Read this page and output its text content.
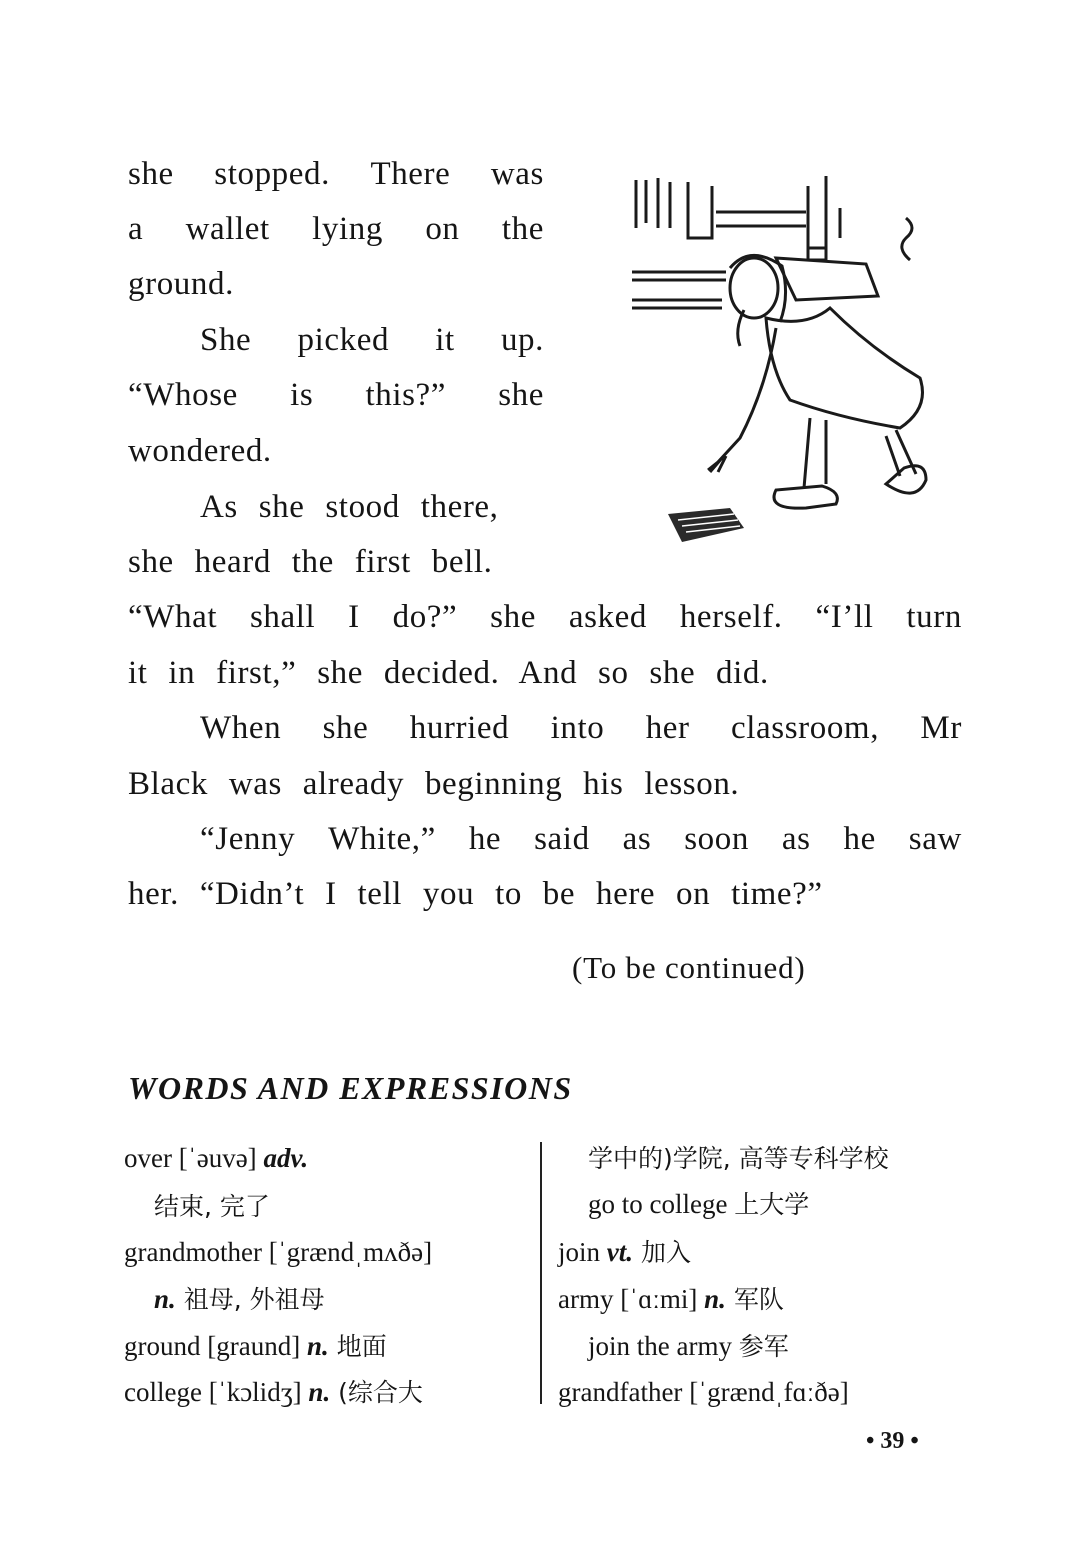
she stopped. There was
a wallet lying on the
ground.
She picked it up.
“Whose is this?” she
wondered.
As she stood there,
she heard the first bell.
“What shall I do?” she asked herself. “I’ll turn
it in first,” she decided. And so she did.
When she hurried into her classroom, Mr
Black was already beginning his lesson.
“Jenny White,” he said as soon as he saw
her. “Didn’t I tell you to be here on time?”
(To be continued)
WORDS AND EXPRESSIONS
over [ˈəuvə] adv.
结束, 完了
grandmother [ˈgrændˌmʌðə]
n. 祖母, 外祖母
ground [graund] n. 地面
college [ˈkɔlidʒ] n. (综合大
学中的)学院, 高等专科学校
go to college 上大学
join vt. 加入
army [ˈɑːmi] n. 军队
join the army 参军
grandfather [ˈgrændˌfɑːðə]
• 39 •
